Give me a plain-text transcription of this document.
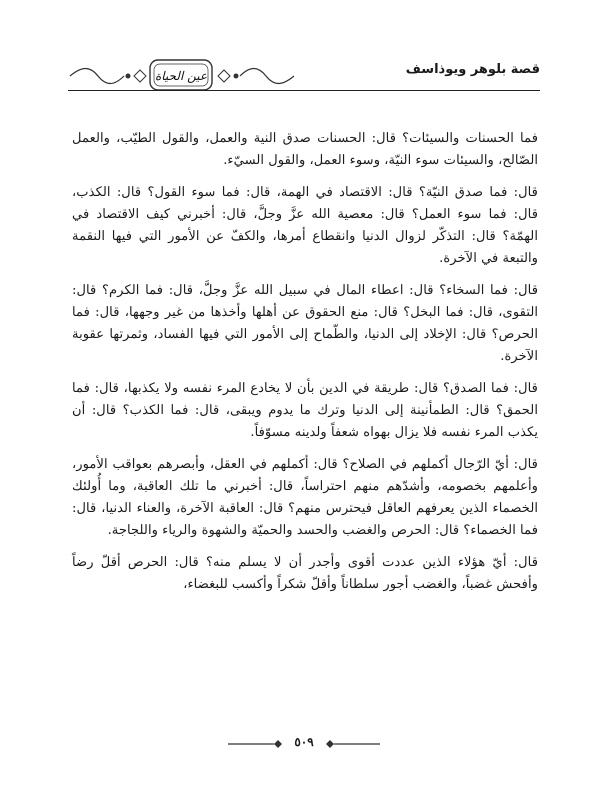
قصة بلوهر ويوذاسف
عين الحياة

فما الحسنات والسيئات؟ قال: الحسنات صدق النية والعمل، والقول الطيّب، والعمل الصّالح، والسيئات سوء النيّة، وسوء العمل، والقول السيّء.

قال: فما صدق النيّة؟ قال: الاقتصاد في الهمة، قال: فما سوء القول؟ قال: الكذب، قال: فما سوء العمل؟ قال: معصية الله عزَّ وجلَّ، قال: أخبرني كيف الاقتصاد في الهمّة؟ قال: التذكّر لزوال الدنيا وانقطاع أمرها، والكفّ عن الأمور التي فيها النقمة والتبعة في الآخرة.

قال: فما السخاء؟ قال: اعطاء المال في سبيل الله عزَّ وجلَّ، قال: فما الكرم؟ قال: التقوى، قال: فما البخل؟ قال: منع الحقوق عن أهلها وأخذها من غير وجهها، قال: فما الحرص؟ قال: الإخلاد إلى الدنيا، والطّماح إلى الأمور التي فيها الفساد، وثمرتها عقوبة الآخرة.

قال: فما الصدق؟ قال: طريقة في الدين بأن لا يخادع المرء نفسه ولا يكذبها، قال: فما الحمق؟ قال: الطمأنينة إلى الدنيا وترك ما يدوم ويبقى، قال: فما الكذب؟ قال: أن يكذب المرء نفسه فلا يزال بهواه شعفاً ولدينه مسوّفاً.

قال: أيّ الرّجال أكملهم في الصلاح؟ قال: أكملهم في العقل، وأبصرهم بعواقب الأمور، وأعلمهم بخصومه، وأشدّهم منهم احتراساً، قال: أخبرني ما تلك العاقبة، وما أُولئك الخصماء الذين يعرفهم العاقل فيحترس منهم؟ قال: العاقبة الآخرة، والعناء الدنيا، قال: فما الخصماء؟ قال: الحرص والغضب والحسد والحميّة والشهوة والرياء واللجاجة.

قال: أيّ هؤلاء الذين عددت أقوى وأجدر أن لا يسلم منه؟ قال: الحرص أقلّ رضاً وأفحش غضباً، والغضب أجور سلطاناً وأقلّ شكراً وأكسب للبغضاء،

٥٠٩
